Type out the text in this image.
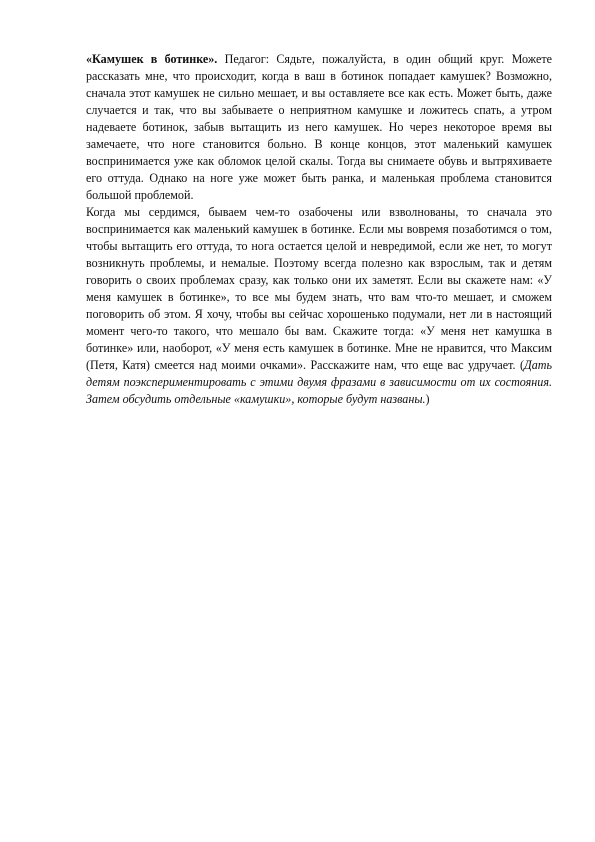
«Камушек в ботинке». Педагог: Сядьте, пожалуйста, в один общий круг. Можете рассказать мне, что происходит, когда в ваш в ботинок попадает камушек? Возможно, сначала этот камушек не сильно мешает, и вы оставляете все как есть. Может быть, даже случается и так, что вы забываете о неприятном камушке и ложитесь спать, а утром надеваете ботинок, забыв вытащить из него камушек. Но через некоторое время вы замечаете, что ноге становится больно. В конце концов, этот маленький камушек воспринимается уже как обломок целой скалы. Тогда вы снимаете обувь и вытряхиваете его оттуда. Однако на ноге уже может быть ранка, и маленькая проблема становится большой проблемой.

Когда мы сердимся, бываем чем-то озабочены или взволнованы, то сначала это воспринимается как маленький камушек в ботинке. Если мы вовремя позаботимся о том, чтобы вытащить его оттуда, то нога остается целой и невредимой, если же нет, то могут возникнуть проблемы, и немалые. Поэтому всегда полезно как взрослым, так и детям говорить о своих проблемах сразу, как только они их заметят. Если вы скажете нам: «У меня камушек в ботинке», то все мы будем знать, что вам что-то мешает, и сможем поговорить об этом. Я хочу, чтобы вы сейчас хорошенько подумали, нет ли в настоящий момент чего-то такого, что мешало бы вам. Скажите тогда: «У меня нет камушка в ботинке» или, наоборот, «У меня есть камушек в ботинке. Мне не нравится, что Максим (Петя, Катя) смеется над моими очками». Расскажите нам, что еще вас удручает. (Дать детям поэкспериментировать с этими двумя фразами в зависимости от их состояния. Затем обсудить отдельные «камушки», которые будут названы.)
